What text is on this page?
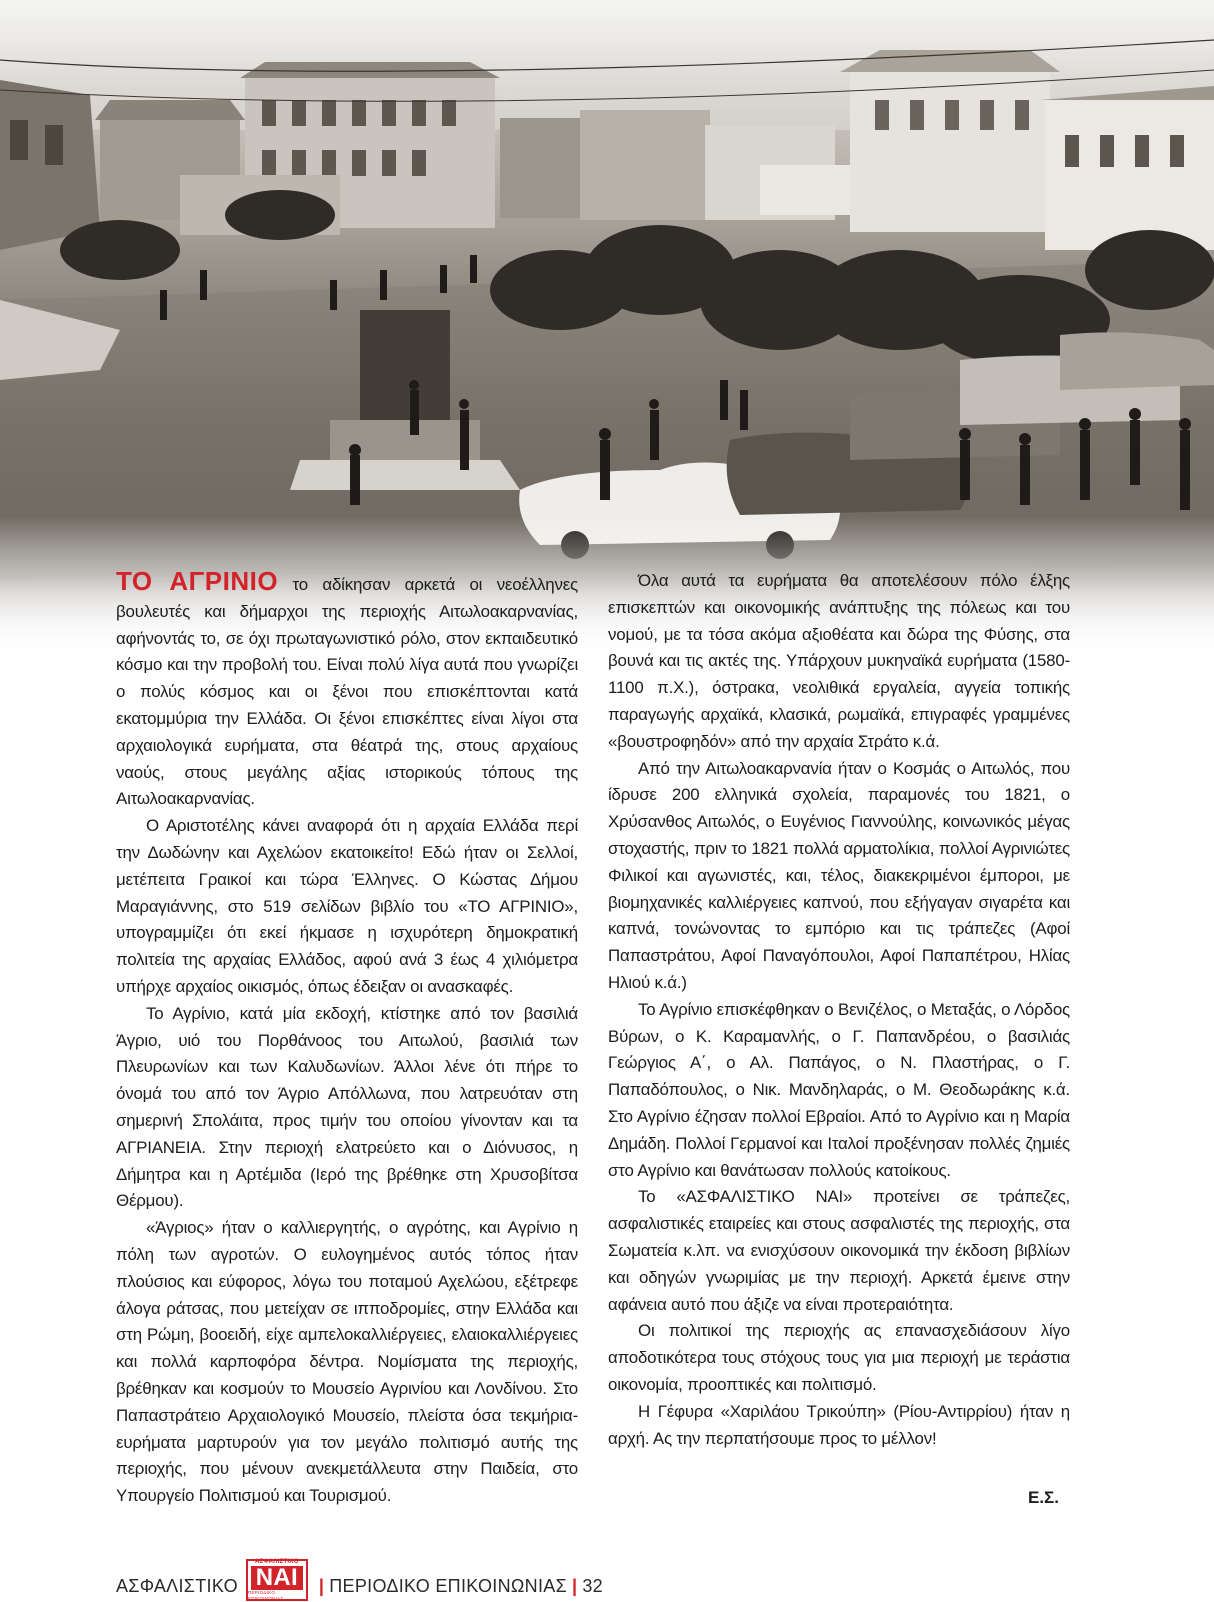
ΤΟ ΑΓΡΙΝΙΟ το αδίκησαν αρκετά οι νεοέλληνες βουλευτές και δήμαρχοι της περιοχής Αιτωλοακαρνανίας, αφήνοντάς το, σε όχι πρωταγωνιστικό ρόλο, στον εκπαιδευτικό κόσμο και την προβολή του. Είναι πολύ λίγα αυτά που γνωρίζει ο πολύς κόσμος και οι ξένοι που επισκέπτονται κατά εκατομμύρια την Ελλάδα. Οι ξένοι επισκέπτες είναι λίγοι στα αρχαιολογικά ευρήματα, στα θέατρά της, στους αρχαίους ναούς, στους μεγάλης αξίας ιστορικούς τόπους της Αιτωλοακαρνανίας.

Ο Αριστοτέλης κάνει αναφορά ότι η αρχαία Ελλάδα περί την Δωδώνην και Αχελώον εκατοικείτο! Εδώ ήταν οι Σελλοί, μετέπειτα Γραικοί και τώρα Έλληνες. Ο Κώστας Δήμου Μαραγιάννης, στο 519 σελίδων βιβλίο του «ΤΟ ΑΓΡΙΝΙΟ», υπογραμμίζει ότι εκεί ήκμασε η ισχυρότερη δημοκρατική πολιτεία της αρχαίας Ελλάδος, αφού ανά 3 έως 4 χιλιόμετρα υπήρχε αρχαίος οικισμός, όπως έδειξαν οι ανασκαφές.

Το Αγρίνιο, κατά μία εκδοχή, κτίστηκε από τον βασιλιά Άγριο, υιό του Πορθάνοος του Αιτωλού, βασιλιά των Πλευρωνίων και των Καλυδωνίων. Άλλοι λένε ότι πήρε το όνομά του από τον Άγριο Απόλλωνα, που λατρευόταν στη σημερινή Σπολάιτα, προς τιμήν του οποίου γίνονταν και τα ΑΓΡΙΑΝΕΙΑ. Στην περιοχή ελατρεύετο και ο Διόνυσος, η Δήμητρα και η Αρτέμιδα (Ιερό της βρέθηκε στη Χρυσοβίτσα Θέρμου).

«Άγριος» ήταν ο καλλιεργητής, ο αγρότης, και Αγρίνιο η πόλη των αγροτών. Ο ευλογημένος αυτός τόπος ήταν πλούσιος και εύφορος, λόγω του ποταμού Αχελώου, εξέτρεφε άλογα ράτσας, που μετείχαν σε ιπποδρομίες, στην Ελλάδα και στη Ρώμη, βοοειδή, είχε αμπελοκαλλιέργειες, ελαιοκαλλιέργειες και πολλά καρποφόρα δέντρα. Νομίσματα της περιοχής, βρέθηκαν και κοσμούν το Μουσείο Αγρινίου και Λονδίνου. Στο Παπαστράτειο Αρχαιολογικό Μουσείο, πλείστα όσα τεκμήρια-ευρήματα μαρτυρούν για τον μεγάλο πολιτισμό αυτής της περιοχής, που μένουν ανεκμετάλλευτα στην Παιδεία, στο Υπουργείο Πολιτισμού και Τουρισμού.

Όλα αυτά τα ευρήματα θα αποτελέσουν πόλο έλξης επισκεπτών και οικονομικής ανάπτυξης της πόλεως και του νομού, με τα τόσα ακόμα αξιοθέατα και δώρα της Φύσης, στα βουνά και τις ακτές της. Υπάρχουν μυκηναϊκά ευρήματα (1580-1100 π.Χ.), όστρακα, νεολιθικά εργαλεία, αγγεία τοπικής παραγωγής αρχαϊκά, κλασικά, ρωμαϊκά, επιγραφές γραμμένες «βουστροφηδόν» από την αρχαία Στράτο κ.ά.

Από την Αιτωλοακαρνανία ήταν ο Κοσμάς ο Αιτωλός, που ίδρυσε 200 ελληνικά σχολεία, παραμονές του 1821, ο Χρύσανθος Αιτωλός, ο Ευγένιος Γιαννούλης, κοινωνικός μέγας στοχαστής, πριν το 1821 πολλά αρματολίκια, πολλοί Αγρινιώτες Φιλικοί και αγωνιστές, και, τέλος, διακεκριμένοι έμποροι, με βιομηχανικές καλλιέργειες καπνού, που εξήγαγαν σιγαρέτα και καπνά, τονώνοντας το εμπόριο και τις τράπεζες (Αφοί Παπαστράτου, Αφοί Παναγόπουλοι, Αφοί Παπαπέτρου, Ηλίας Ηλιού κ.ά.)

Το Αγρίνιο επισκέφθηκαν ο Βενιζέλος, ο Μεταξάς, ο Λόρδος Βύρων, ο Κ. Καραμανλής, ο Γ. Παπανδρέου, ο βασιλιάς Γεώργιος Α΄, ο Αλ. Παπάγος, ο Ν. Πλαστήρας, ο Γ. Παπαδόπουλος, ο Νικ. Μανδηλαράς, ο Μ. Θεοδωράκης κ.ά. Στο Αγρίνιο έζησαν πολλοί Εβραίοι. Από το Αγρίνιο και η Μαρία Δημάδη. Πολλοί Γερμανοί και Ιταλοί προξένησαν πολλές ζημιές στο Αγρίνιο και θανάτωσαν πολλούς κατοίκους.

Το «ΑΣΦΑΛΙΣΤΙΚΟ ΝΑΙ» προτείνει σε τράπεζες, ασφαλιστικές εταιρείες και στους ασφαλιστές της περιοχής, στα Σωματεία κ.λπ. να ενισχύσουν οικονομικά την έκδοση βιβλίων και οδηγών γνωριμίας με την περιοχή. Αρκετά έμεινε στην αφάνεια αυτό που άξιζε να είναι προτεραιότητα.

Οι πολιτικοί της περιοχής ας επανασχεδιάσουν λίγο αποδοτικότερα τους στόχους τους για μια περιοχή με τεράστια οικονομία, προοπτικές και πολιτισμό.

Η Γέφυρα «Χαριλάου Τρικούπη» (Ρίου-Αντιρρίου) ήταν η αρχή. Ας την περπατήσουμε προς το μέλλον!

Ε.Σ.
ΑΣΦΑΛΙΣΤΙΚΟ
ΑΣΦΑΛΙΣΤΙΚΟ
ΝΑΙ
ΠΕΡΙΟΔΙΚΟ ΕΠΙΚΟΙΝΩΝΙΑΣ
| ΠΕΡΙΟΔΙΚΟ ΕΠΙΚΟΙΝΩΝΙΑΣ | 32
